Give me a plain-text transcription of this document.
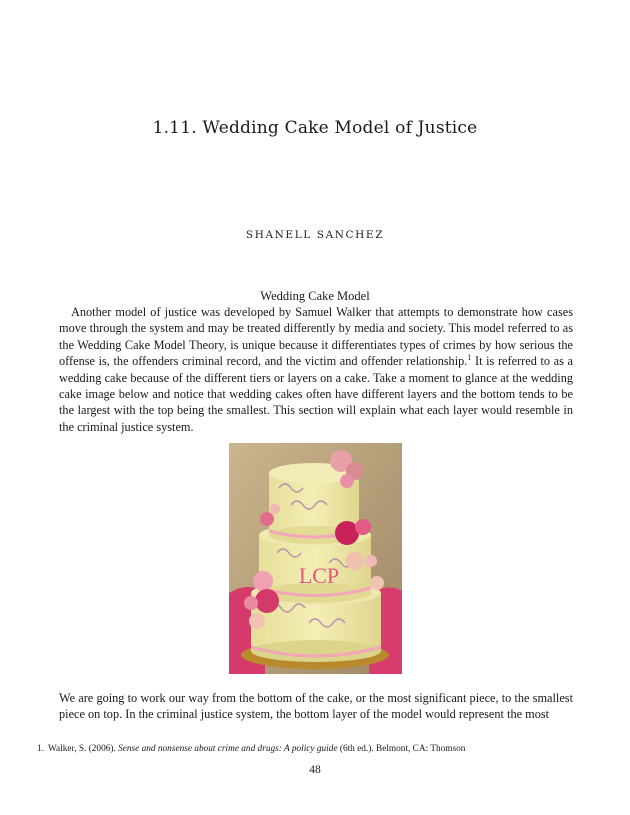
1.11. Wedding Cake Model of Justice
SHANELL SANCHEZ
Wedding Cake Model

Another model of justice was developed by Samuel Walker that attempts to demonstrate how cases move through the system and may be treated differently by media and society. This model referred to as the Wedding Cake Model Theory, is unique because it differentiates types of crimes by how serious the offense is, the offenders criminal record, and the victim and offender relationship.$^1$ It is referred to as a wedding cake because of the different tiers or layers on a cake. Take a moment to glance at the wedding cake image below and notice that wedding cakes often have different layers and the bottom tends to be the largest with the top being the smallest. This section will explain what each layer would resemble in the criminal justice system.

LCP

We are going to work our way from the bottom of the cake, or the most significant piece, to the smallest piece on top. In the criminal justice system, the bottom layer of the model would represent the most

1. Walker, S. (2006). Sense and nonsense about crime and drugs: A policy guide (6th ed.). Belmont, CA: Thomson
48
